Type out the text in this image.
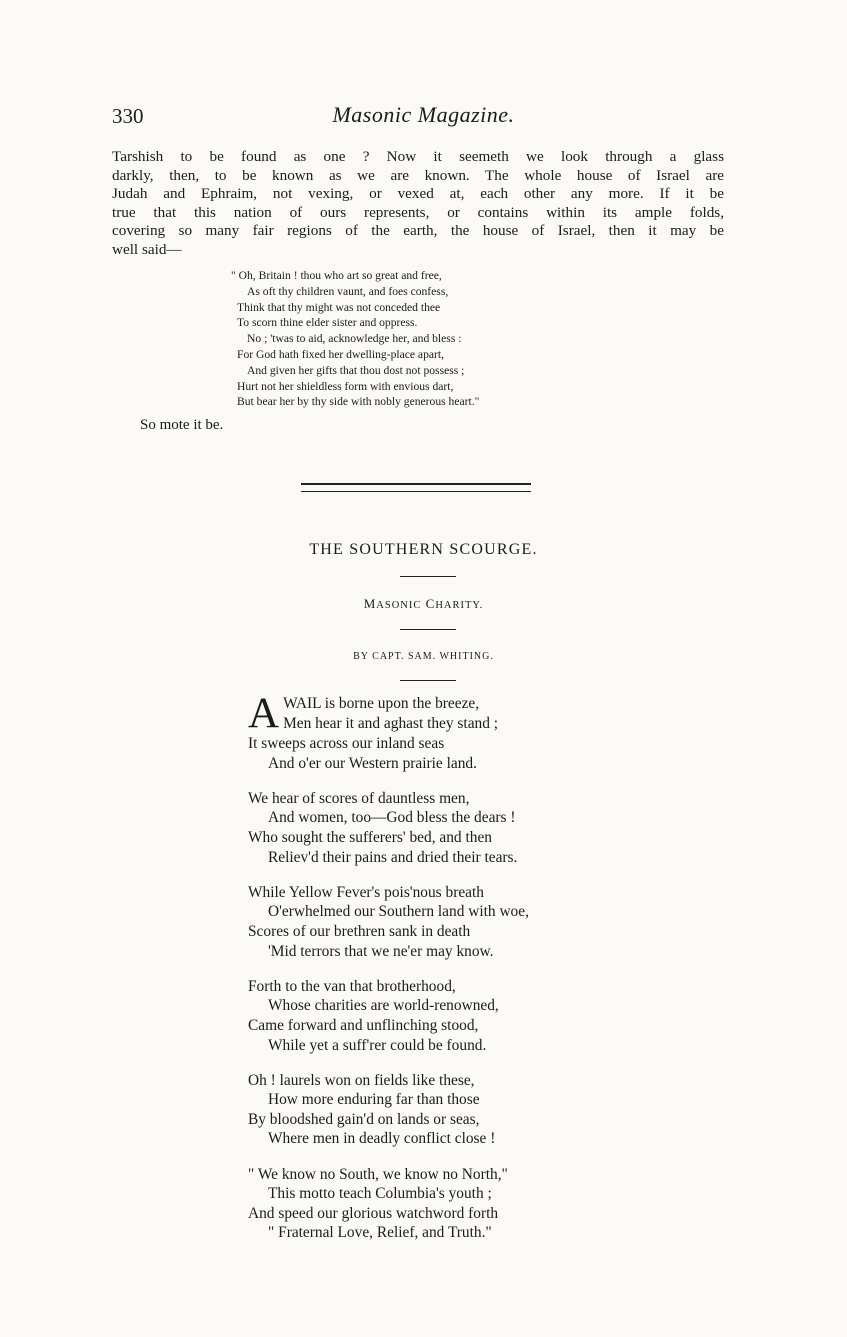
330	Masonic Magazine.
Tarshish to be found as one ? Now it seemeth we look through a glass
darkly, then, to be known as we are known. The whole house of Israel are
Judah and Ephraim, not vexing, or vexed at, each other any more. If it be
true that this nation of ours represents, or contains within its ample folds,
covering so many fair regions of the earth, the house of Israel, then it may be
well said—
" Oh, Britain ! thou who art so great and free,
As oft thy children vaunt, and foes confess,
Think that thy might was not conceded thee
To scorn thine elder sister and oppress.
No ; 'twas to aid, acknowledge her, and bless :
For God hath fixed her dwelling-place apart,
And given her gifts that thou dost not possess ;
Hurt not her shieldless form with envious dart,
But bear her by thy side with nobly generous heart."
So mote it be.
THE SOUTHERN SCOURGE.
MASONIC CHARITY.
BY CAPT. SAM. WHITING.
A WAIL is borne upon the breeze,
Men hear it and aghast they stand ;
It sweeps across our inland seas
And o'er our Western prairie land.
We hear of scores of dauntless men,
And women, too—God bless the dears !
Who sought the sufferers' bed, and then
Reliev'd their pains and dried their tears.
While Yellow Fever's pois'nous breath
O'erwhelmed our Southern land with woe,
Scores of our brethren sank in death
'Mid terrors that we ne'er may know.
Forth to the van that brotherhood,
Whose charities are world-renowned,
Came forward and unflinching stood,
While yet a suff'rer could be found.
Oh ! laurels won on fields like these,
How more enduring far than those
By bloodshed gain'd on lands or seas,
Where men in deadly conflict close !
" We know no South, we know no North,"
This motto teach Columbia's youth ;
And speed our glorious watchword forth
" Fraternal Love, Relief, and Truth."
